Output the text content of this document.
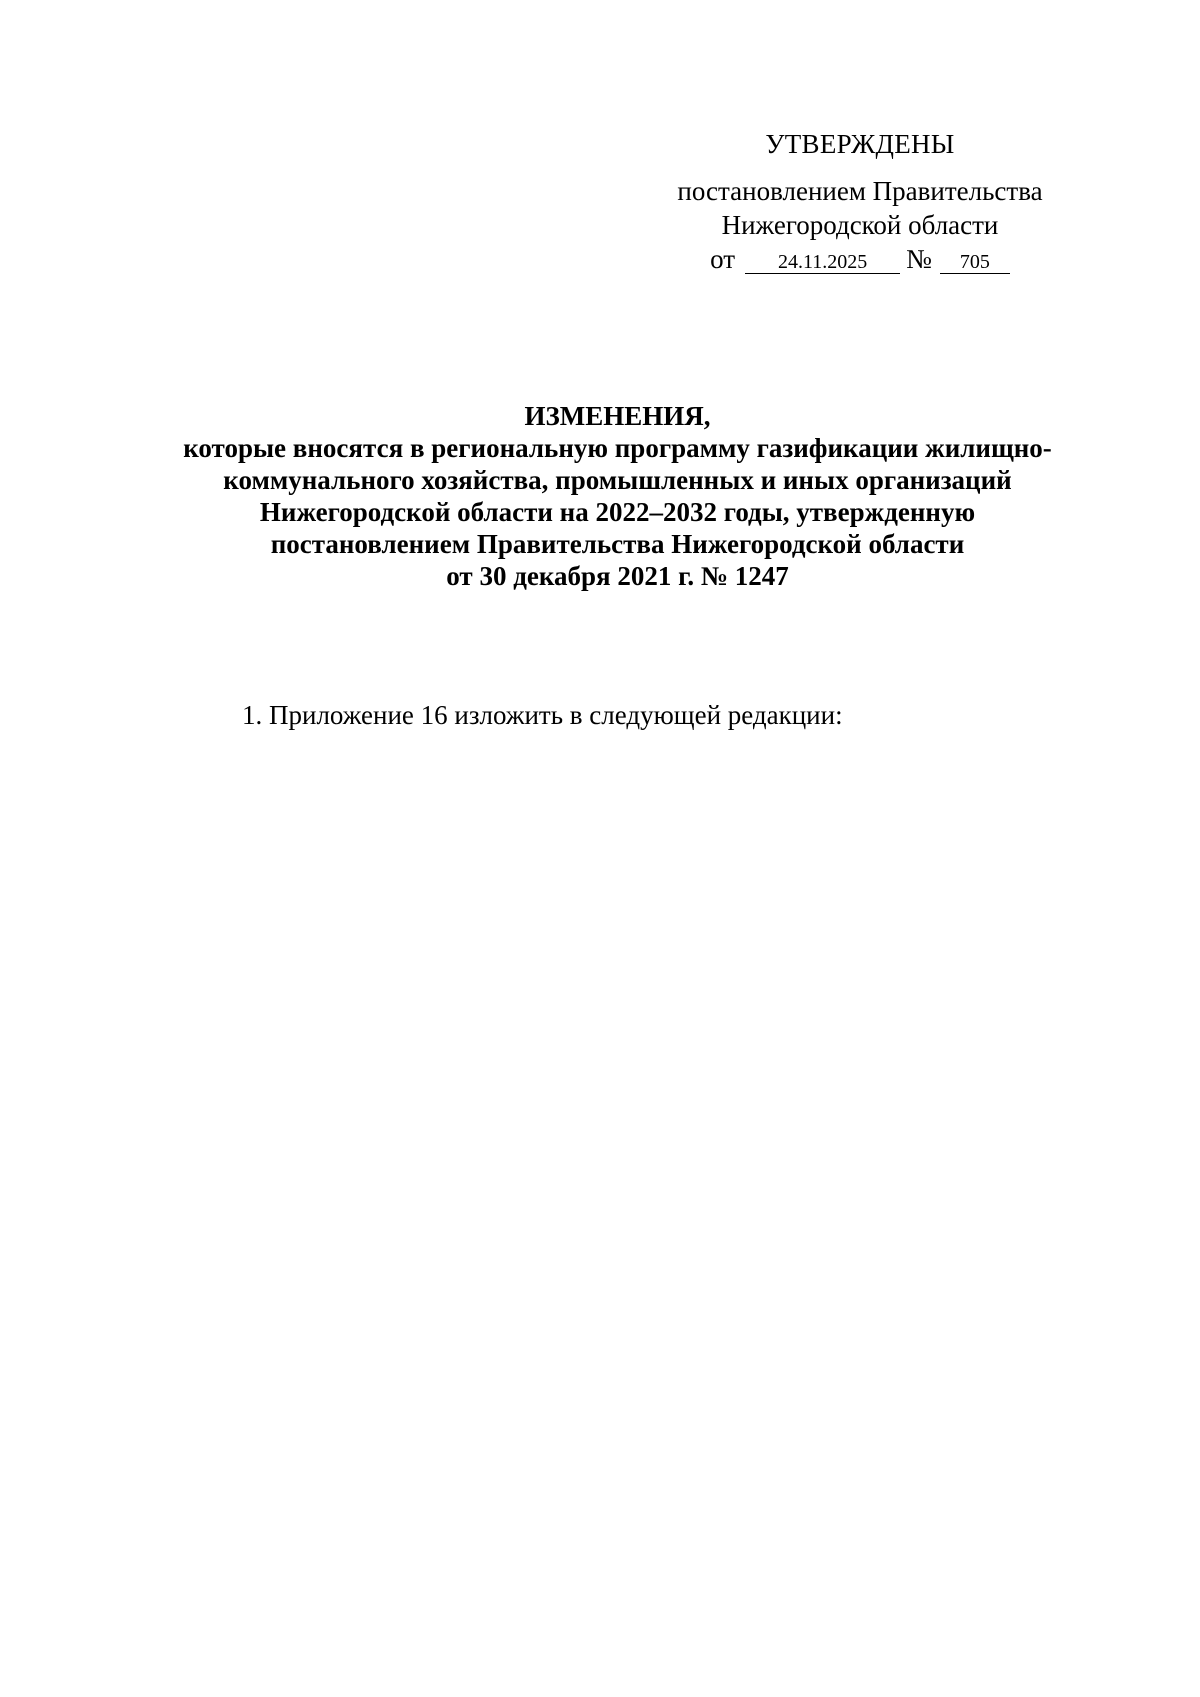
УТВЕРЖДЕНЫ
постановлением Правительства
Нижегородской области
от 24.11.2025 № 705
ИЗМЕНЕНИЯ,
которые вносятся в региональную программу газификации жилищно-
коммунального хозяйства, промышленных и иных организаций
Нижегородской области на 2022–2032 годы, утвержденную
постановлением Правительства Нижегородской области
от 30 декабря 2021 г. № 1247
1. Приложение 16 изложить в следующей редакции:
